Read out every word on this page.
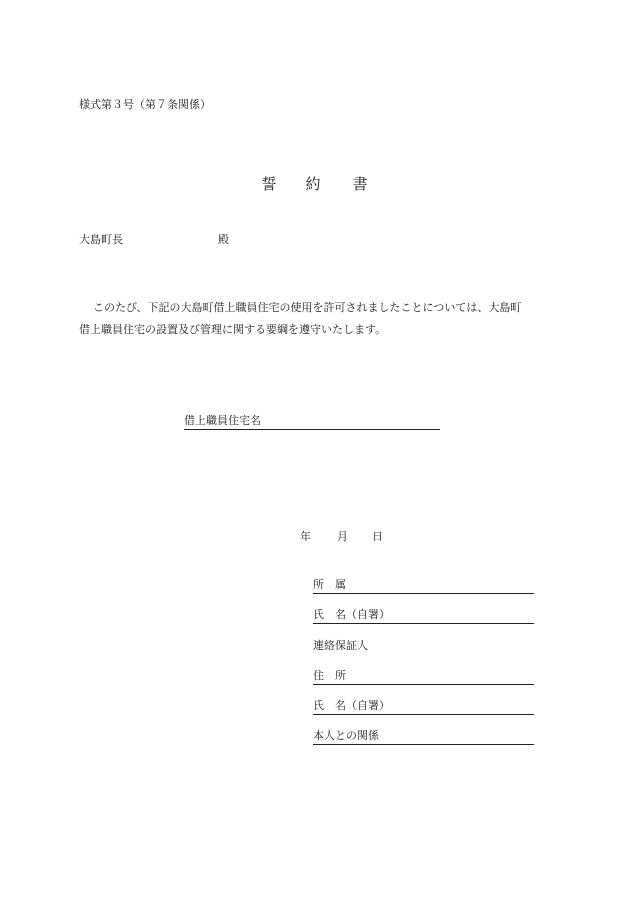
様式第３号（第７条関係）
誓 約 書
大島町長	殿
このたび、下記の大島町借上職員住宅の使用を許可されましたことについては、大島町
借上職員住宅の設置及び管理に関する要綱を遵守いたします。
借上職員住宅名
年 月 日
所　属
氏　名（自署）
連絡保証人
住　所
氏　名（自署）
本人との関係
